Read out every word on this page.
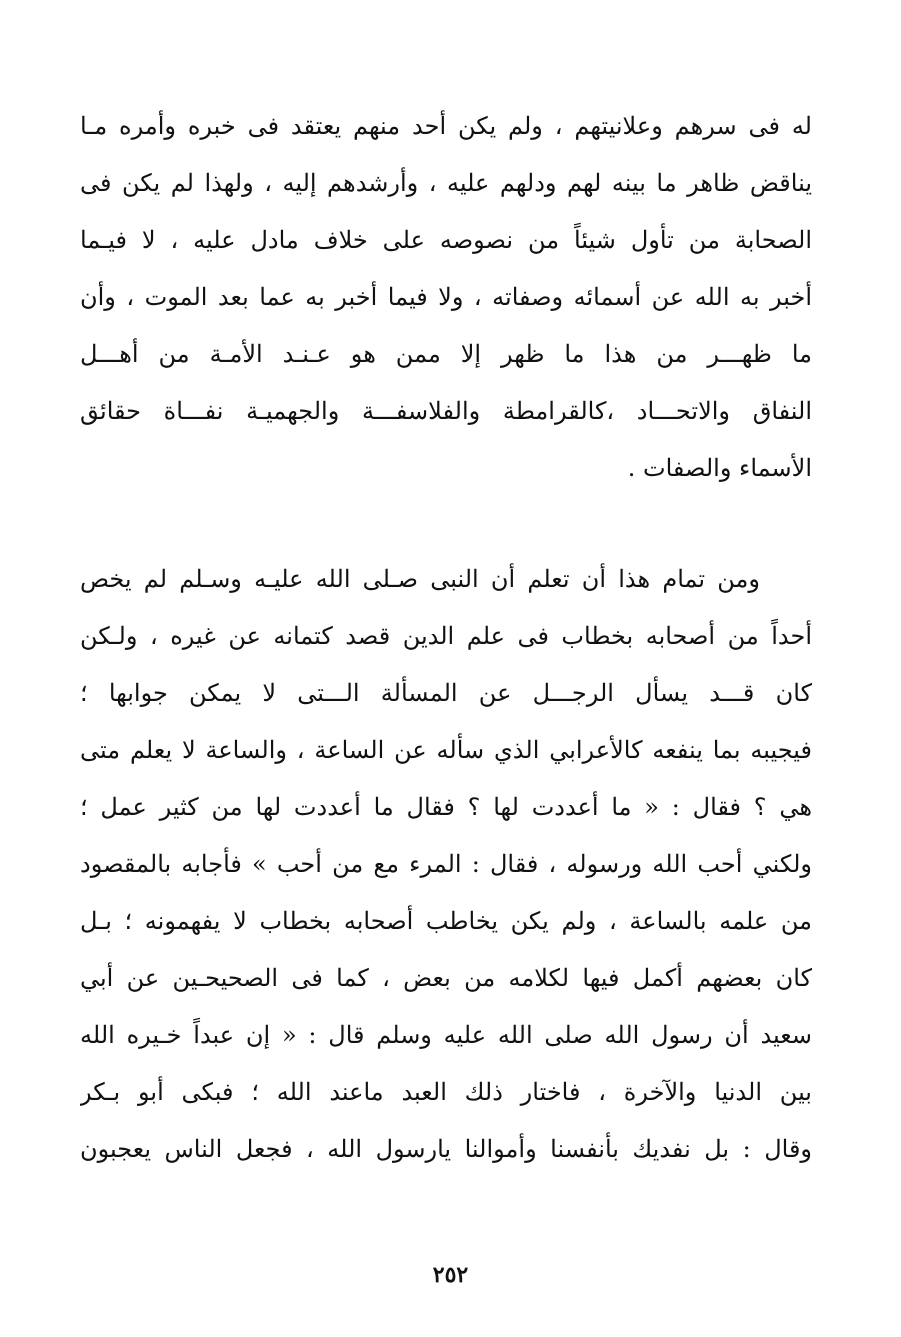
له فى سرهم وعلانيتهم ، ولم يكن أحد منهم يعتقد فى خبره وأمره مـا
يناقض ظاهر ما بينه لهم ودلهم عليه ، وأرشدهم إليه ، ولهذا لم يكن فى
الصحابة من تأول شيئاً من نصوصه على خلاف مادل عليه ، لا فيـما
أخبر به الله عن أسمائه وصفاته ، ولا فيما أخبر به عما بعد الموت ، وأن
ما ظهـــر من هذا ما ظهر إلا ممن هو عـنـد الأمـة من أهـــل
النفاق والاتحـــاد ،كالقرامطة والفلاسفـــة والجهميـة نفـــاة حقائق
الأسماء والصفات .
ومن تمام هذا أن تعلم أن النبى صـلى الله عليـه وسـلم لم يخص
أحداً من أصحابه بخطاب فى علم الدين قصد كتمانه عن غيره ، ولـكن
كان قـــد يسأل الرجـــل عن المسألة الـــتى لا يمكن جوابها ؛
فيجيبه بما ينفعه كالأعرابي الذي سأله عن الساعة ، والساعة لا يعلم متى
هي ؟ فقال : « ما أعددت لها ؟ فقال ما أعددت لها من كثير عمل ؛
ولكني أحب الله ورسوله ، فقال : المرء مع من أحب » فأجابه بالمقصود
من علمه بالساعة ، ولم يكن يخاطب أصحابه بخطاب لا يفهمونه ؛ بـل
كان بعضهم أكمل فيها لكلامه من بعض ، كما فى الصحيحـين عن أبي
سعيد أن رسول الله صلى الله عليه وسلم قال : « إن عبداً خـيره الله
بين الدنيا والآخرة ، فاختار ذلك العبد ماعند الله ؛ فبكى أبو بـكر
وقال : بل نفديك بأنفسنا وأموالنا يارسول الله ، فجعل الناس يعجبون
٢٥٢
